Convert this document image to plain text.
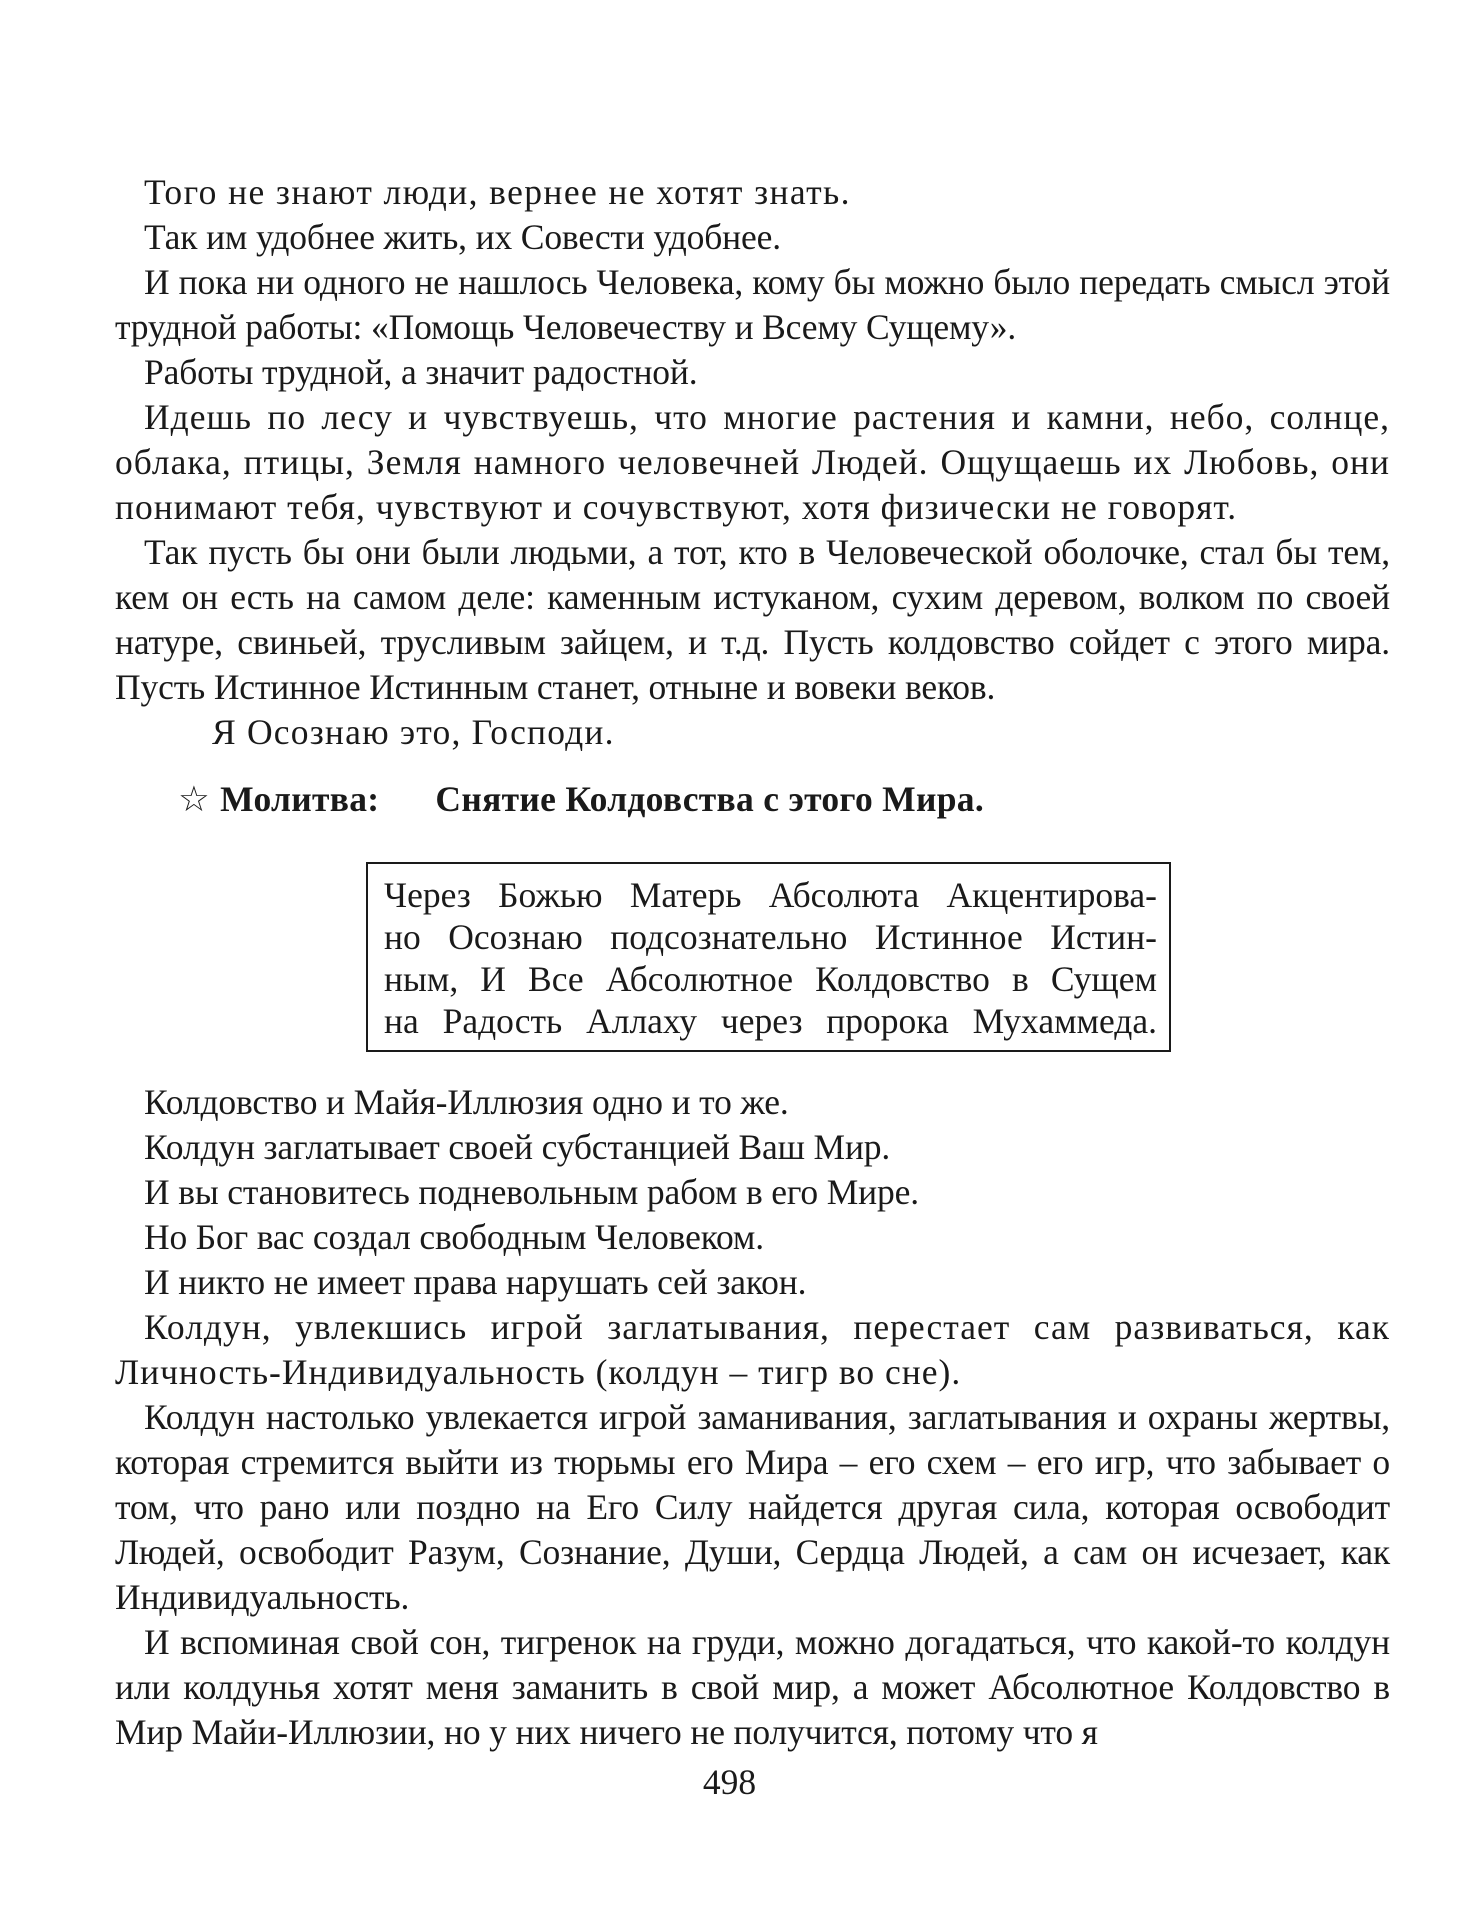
Того не знают люди, вернее не хотят знать.

Так им удобнее жить, их Совести удобнее.

И пока ни одного не нашлось Человека, кому бы можно было передать смысл этой трудной работы: «Помощь Человечеству и Всему Сущему».

Работы трудной, а значит радостной.

Идешь по лесу и чувствуешь, что многие растения и камни, небо, солнце, облака, птицы, Земля намного человечней Людей. Ощущаешь их Любовь, они понимают тебя, чувствуют и сочувствуют, хотя физически не говорят.

Так пусть бы они были людьми, а тот, кто в Человеческой оболочке, стал бы тем, кем он есть на самом деле: каменным истуканом, сухим деревом, волком по своей натуре, свиньей, трусливым зайцем, и т.д. Пусть колдовство сойдет с этого мира. Пусть Истинное Истинным станет, отныне и вовеки веков.

Я Осознаю это, Господи.

☆ Молитва: Снятие Колдовства с этого Мира.
Через Божью Матерь Абсолюта Акцентирова-
но Осознаю подсознательно Истинное Истин-
ным, И Все Абсолютное Колдовство в Сущем
на Радость Аллаху через пророка Мухаммеда.

Колдовство и Майя-Иллюзия одно и то же.

Колдун заглатывает своей субстанцией Ваш Мир.

И вы становитесь подневольным рабом в его Мире.

Но Бог вас создал свободным Человеком.

И никто не имеет права нарушать сей закон.

Колдун, увлекшись игрой заглатывания, перестает сам развиваться, как Личность-Индивидуальность (колдун – тигр во сне).

Колдун настолько увлекается игрой заманивания, заглатывания и охраны жертвы, которая стремится выйти из тюрьмы его Мира – его схем – его игр, что забывает о том, что рано или поздно на Его Силу найдется другая сила, которая освободит Людей, освободит Разум, Сознание, Души, Сердца Людей, а сам он исчезает, как Индивидуальность.

И вспоминая свой сон, тигренок на груди, можно догадаться, что какой-то колдун или колдунья хотят меня заманить в свой мир, а может Абсолютное Колдовство в Мир Майи-Иллюзии, но у них ничего не получится, потому что я

498
